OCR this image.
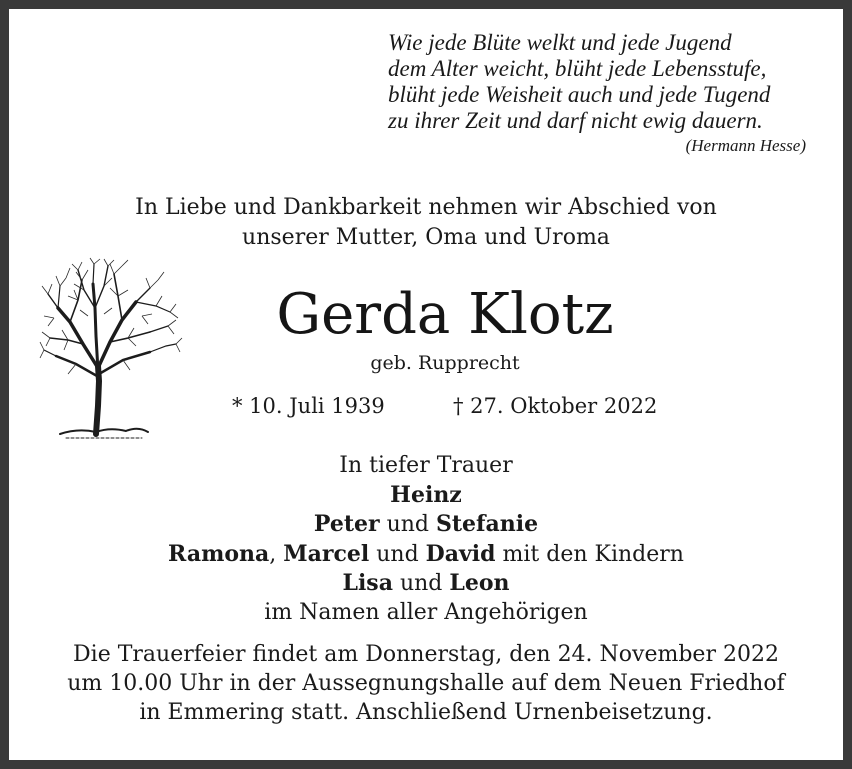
Wie jede Blüte welkt und jede Jugend
dem Alter weicht, blüht jede Lebensstufe,
blüht jede Weisheit auch und jede Tugend
zu ihrer Zeit und darf nicht ewig dauern.
(Hermann Hesse)
In Liebe und Dankbarkeit nehmen wir Abschied von
unserer Mutter, Oma und Uroma
Gerda Klotz
geb. Rupprecht
* 10. Juli 1939	† 27. Oktober 2022
In tiefer Trauer
Heinz
Peter und Stefanie
Ramona, Marcel und David mit den Kindern
Lisa und Leon
im Namen aller Angehörigen
Die Trauerfeier findet am Donnerstag, den 24. November 2022
um 10.00 Uhr in der Aussegnungshalle auf dem Neuen Friedhof
in Emmering statt. Anschließend Urnenbeisetzung.
